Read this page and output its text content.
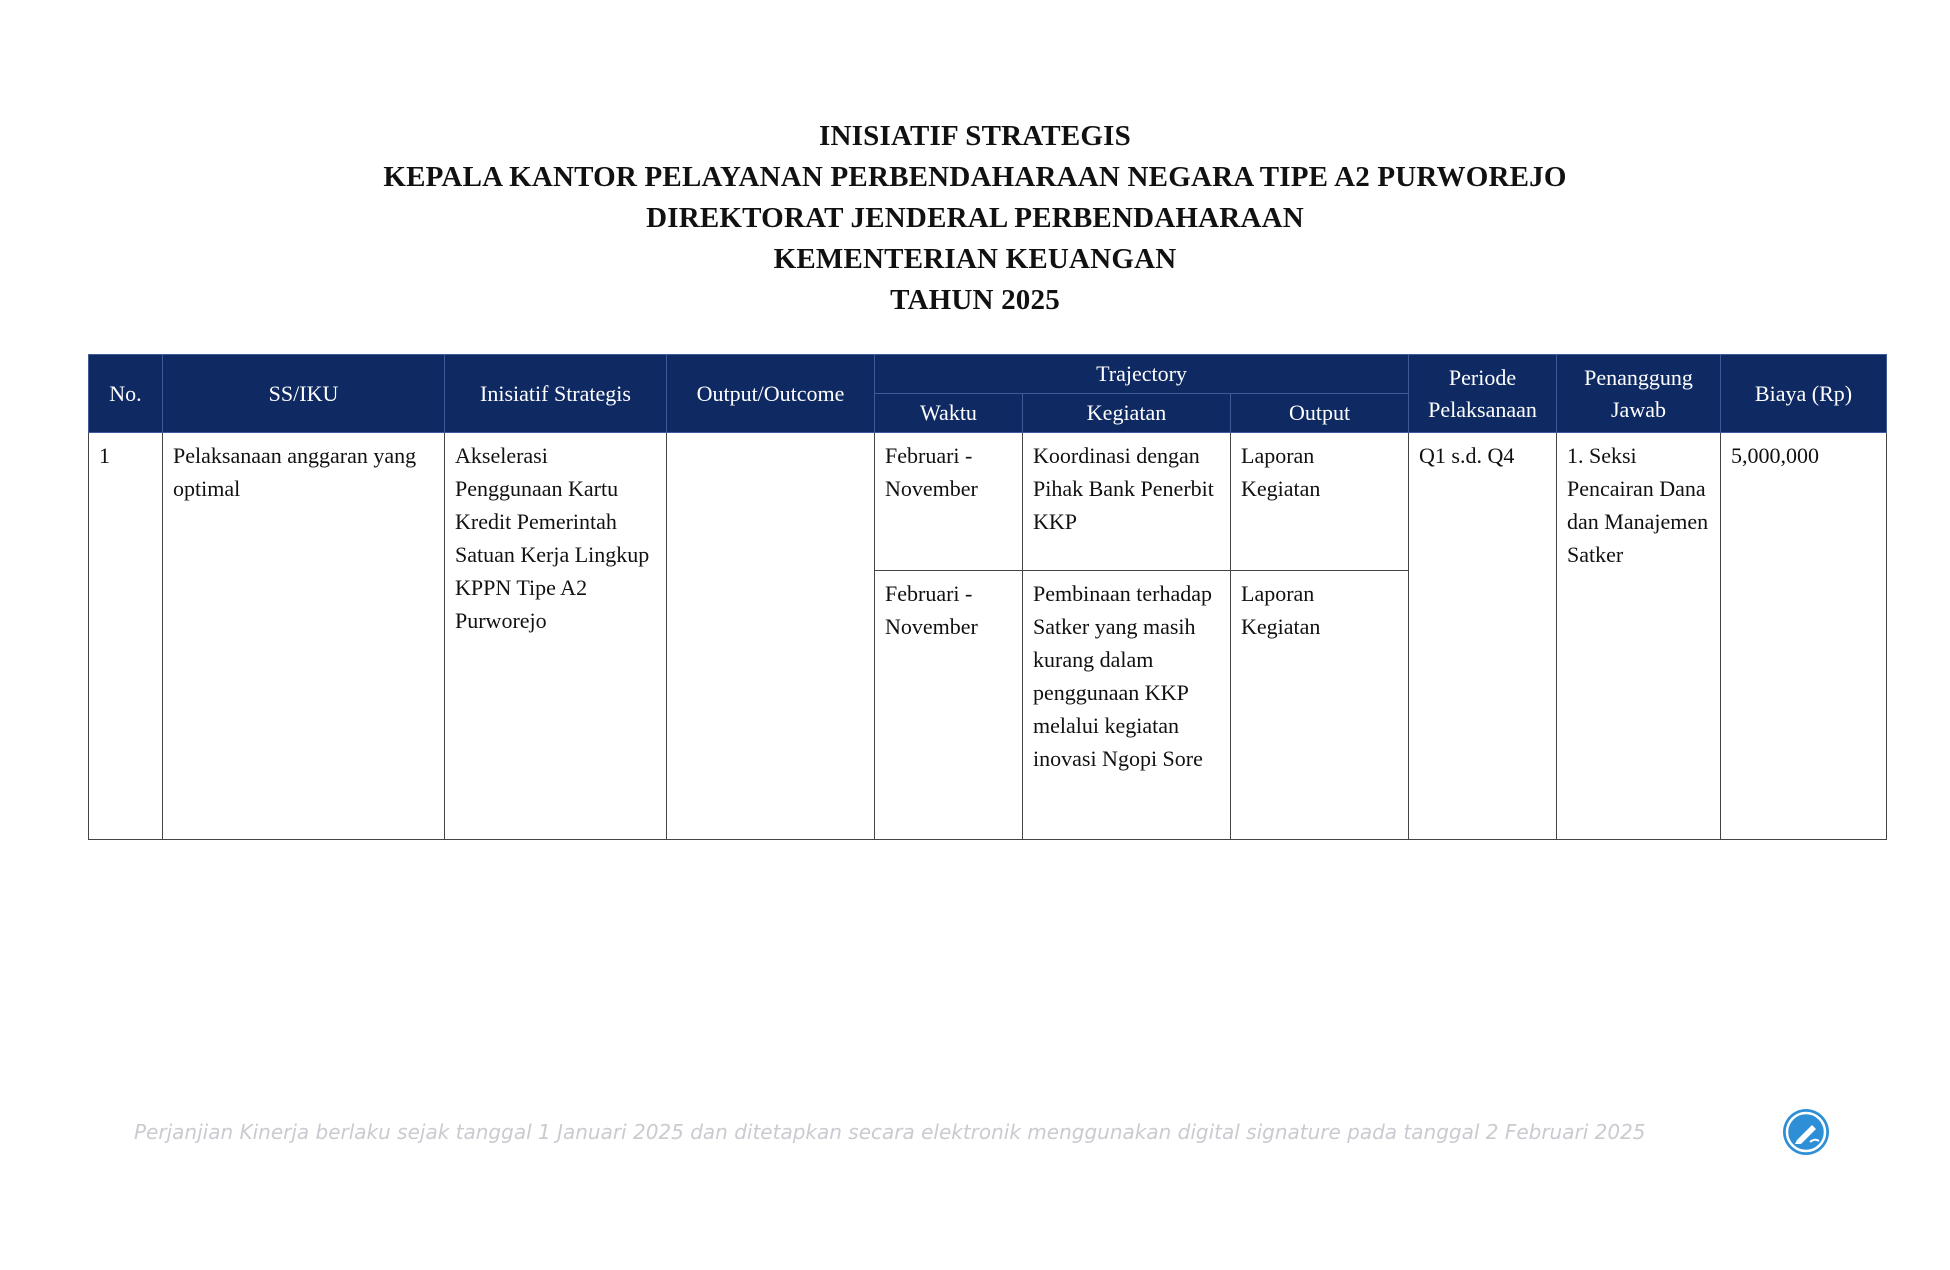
INISIATIF STRATEGIS
KEPALA KANTOR PELAYANAN PERBENDAHARAAN NEGARA TIPE A2 PURWOREJO
DIREKTORAT JENDERAL PERBENDAHARAAN
KEMENTERIAN KEUANGAN
TAHUN 2025
No.	SS/IKU	Inisiatif Strategis	Output/Outcome	Trajectory			Periode Pelaksanaan	Penanggung Jawab	Biaya (Rp)
				Waktu	Kegiatan	Output			
1	Pelaksanaan anggaran yang optimal	Akselerasi Penggunaan Kartu Kredit Pemerintah Satuan Kerja Lingkup KPPN Tipe A2 Purworejo		Februari - November	Koordinasi dengan Pihak Bank Penerbit KKP	Laporan Kegiatan	Q1 s.d. Q4	1. Seksi Pencairan Dana dan Manajemen Satker	5,000,000
				Februari - November	Pembinaan terhadap Satker yang masih kurang dalam penggunaan KKP melalui kegiatan inovasi Ngopi Sore	Laporan Kegiatan			
Perjanjian Kinerja berlaku sejak tanggal 1 Januari 2025 dan ditetapkan secara elektronik menggunakan digital signature pada tanggal 2 Februari 2025
